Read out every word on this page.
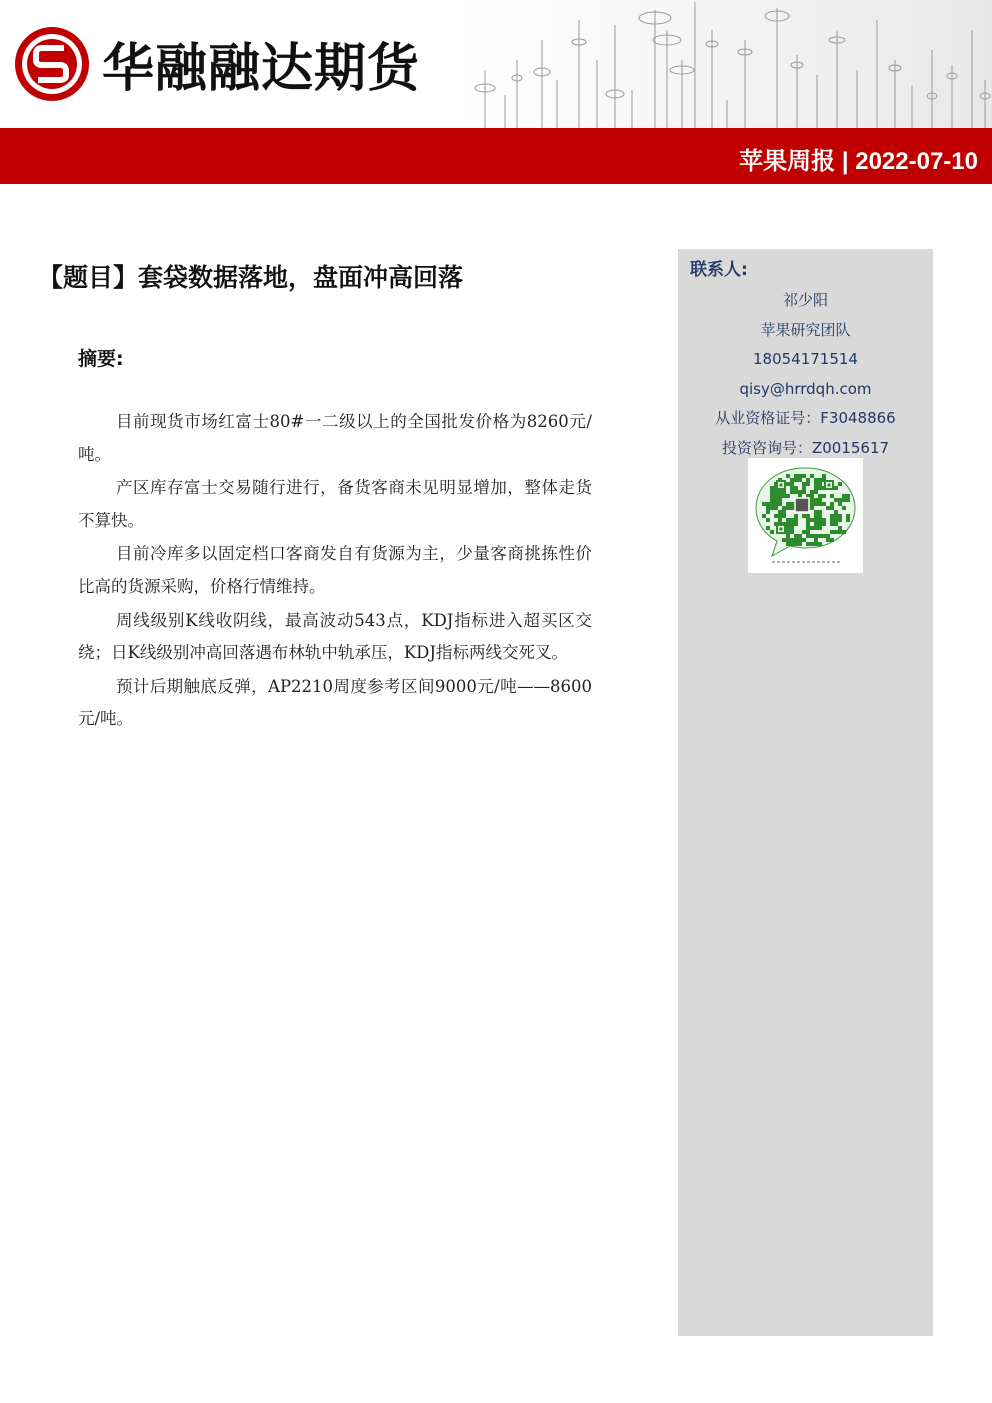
华融融达期货
苹果周报 | 2022-07-10
【题目】套袋数据落地，盘面冲高回落
摘要:

目前现货市场红富士80#一二级以上的全国批发价格为8260元/吨。

产区库存富士交易随行进行，备货客商未见明显增加，整体走货不算快。

目前冷库多以固定档口客商发自有货源为主，少量客商挑拣性价比高的货源采购，价格行情维持。

周线级别K线收阴线，最高波动543点，KDJ指标进入超买区交绕；日K线级别冲高回落遇布林轨中轨承压，KDJ指标两线交死叉。

预计后期触底反弹，AP2210周度参考区间9000元/吨——8600元/吨。

联系人:
祁少阳
苹果研究团队
18054171514
qisy@hrrdqh.com
从业资格证号：F3048866
投资咨询号：Z0015617
